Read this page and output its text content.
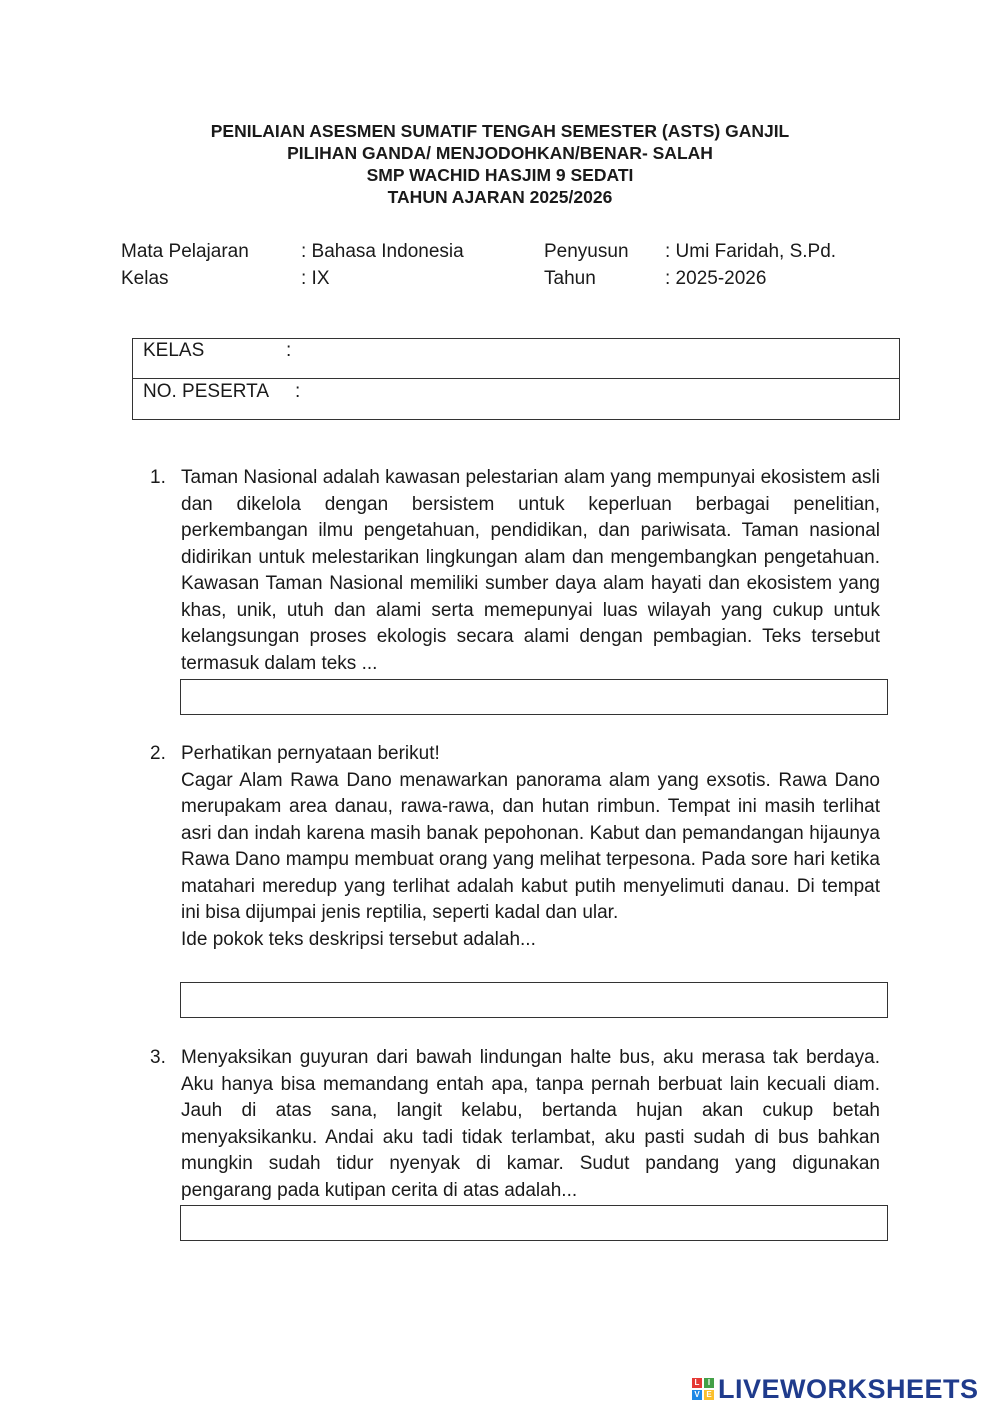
PENILAIAN ASESMEN SUMATIF TENGAH SEMESTER (ASTS) GANJIL
PILIHAN GANDA/ MENJODOHKAN/BENAR- SALAH
SMP WACHID HASJIM 9 SEDATI
TAHUN AJARAN 2025/2026
Mata Pelajaran	: Bahasa Indonesia	Penyusun : Umi Faridah, S.Pd.
Kelas	: IX	Tahun	: 2025-2026
KELAS	:
NO. PESERTA :
1. Taman Nasional adalah kawasan pelestarian alam yang mempunyai ekosistem asli dan dikelola dengan bersistem untuk keperluan berbagai penelitian, perkembangan ilmu pengetahuan, pendidikan, dan pariwisata. Taman nasional didirikan untuk melestarikan lingkungan alam dan mengembangkan pengetahuan. Kawasan Taman Nasional memiliki sumber daya alam hayati dan ekosistem yang khas, unik, utuh dan alami serta memepunyai luas wilayah yang cukup untuk kelangsungan proses ekologis secara alami dengan pembagian. Teks tersebut termasuk dalam teks ...

2. Perhatikan pernyataan berikut!

Cagar Alam Rawa Dano menawarkan panorama alam yang exsotis. Rawa Dano merupakam area danau, rawa-rawa, dan hutan rimbun. Tempat ini masih terlihat asri dan indah karena masih banak pepohonan. Kabut dan pemandangan hijaunya Rawa Dano mampu membuat orang yang melihat terpesona. Pada sore hari ketika matahari meredup yang terlihat adalah kabut putih menyelimuti danau. Di tempat ini bisa dijumpai jenis reptilia, seperti kadal dan ular.

Ide pokok teks deskripsi tersebut adalah...

3. Menyaksikan guyuran dari bawah lindungan halte bus, aku merasa tak berdaya. Aku hanya bisa memandang entah apa, tanpa pernah berbuat lain kecuali diam. Jauh di atas sana, langit kelabu, bertanda hujan akan cukup betah menyaksikanku. Andai aku tadi tidak terlambat, aku pasti sudah di bus bahkan mungkin sudah tidur nyenyak di kamar. Sudut pandang yang digunakan pengarang pada kutipan cerita di atas adalah...

L	I
V E LIVEWORKSHEETS
